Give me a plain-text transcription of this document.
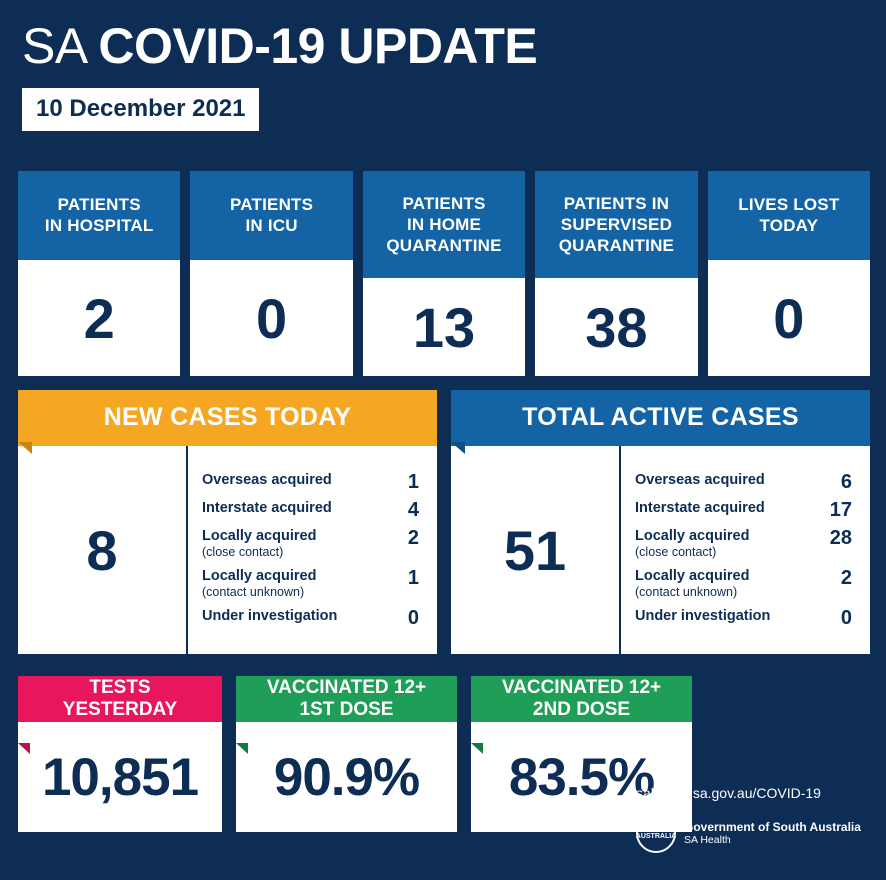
SA COVID-19 UPDATE
10 December 2021
PATIENTS
IN HOSPITAL
2
PATIENTS
IN ICU
0
PATIENTS
IN HOME
QUARANTINE
13
PATIENTS IN
SUPERVISED
QUARANTINE
38
LIVES LOST
TODAY
0
NEW CASES TODAY
8
Overseas acquired	1
Interstate acquired	4
Locally acquired
(close contact)
2
Locally acquired
(contact unknown)
1
Under investigation	0
TOTAL ACTIVE CASES
51
Overseas acquired	6
Interstate acquired	17
Locally acquired
(close contact)
28
Locally acquired
(contact unknown)
2
Under investigation	0
TESTS
YESTERDAY
10,851
VACCINATED 12+
1ST DOSE
90.9%
VACCINATED 12+
2ND DOSE
83.5%
sahealth.sa.gov.au/COVID-19
SOUTH AUSTRALIA
Government of South Australia
SA Health
